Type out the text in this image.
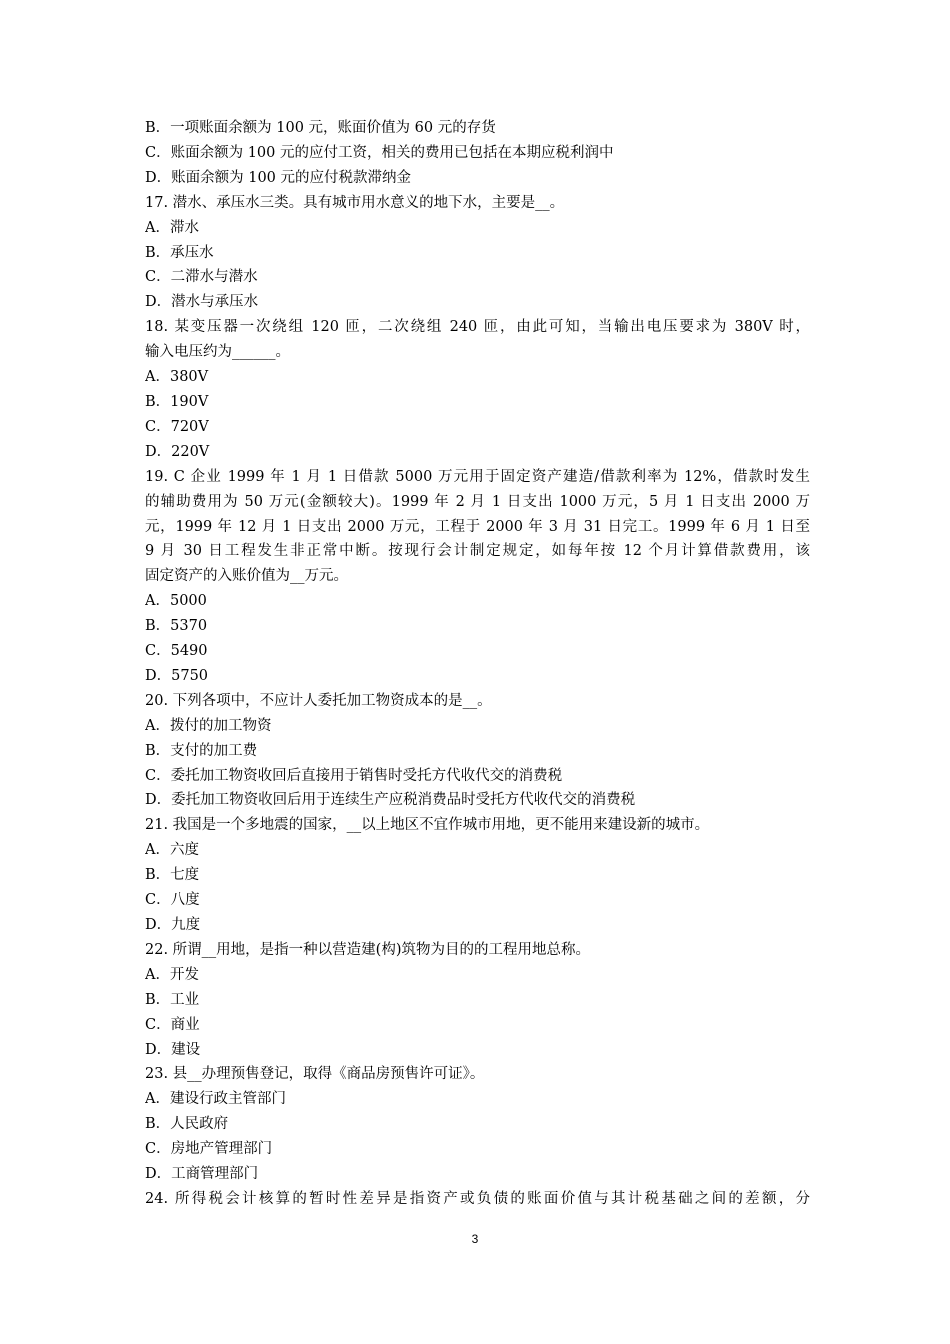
B．一项账面余额为 100 元，账面价值为 60 元的存货
C．账面余额为 100 元的应付工资，相关的费用已包括在本期应税利润中
D．账面余额为 100 元的应付税款滞纳金
17. 潜水、承压水三类。具有城市用水意义的地下水，主要是__。
A．滞水
B．承压水
C．二滞水与潜水
D．潜水与承压水
18. 某变压器一次绕组 120 匝，二次绕组 240 匝，由此可知，当输出电压要求为 380V 时，
输入电压约为______。
A．380V
B．190V
C．720V
D．220V
19. C 企业 1999 年 1 月 1 日借款 5000 万元用于固定资产建造/借款利率为 12%，借款时发生
的辅助费用为 50 万元(金额较大)。1999 年 2 月 1 日支出 1000 万元，5 月 1 日支出 2000 万
元，1999 年 12 月 1 日支出 2000 万元，工程于 2000 年 3 月 31 日完工。1999 年 6 月 1 日至
9 月 30 日工程发生非正常中断。按现行会计制定规定，如每年按 12 个月计算借款费用，该
固定资产的入账价值为__万元。
A．5000
B．5370
C．5490
D．5750
20. 下列各项中，不应计人委托加工物资成本的是__。
A．拨付的加工物资
B．支付的加工费
C．委托加工物资收回后直接用于销售时受托方代收代交的消费税
D．委托加工物资收回后用于连续生产应税消费品时受托方代收代交的消费税
21. 我国是一个多地震的国家，__以上地区不宜作城市用地，更不能用来建设新的城市。
A．六度
B．七度
C．八度
D．九度
22. 所谓__用地，是指一种以营造建(构)筑物为目的的工程用地总称。
A．开发
B．工业
C．商业
D．建设
23. 县__办理预售登记，取得《商品房预售许可证》。
A．建设行政主管部门
B．人民政府
C．房地产管理部门
D．工商管理部门
24. 所得税会计核算的暂时性差异是指资产或负债的账面价值与其计税基础之间的差额，分
3
